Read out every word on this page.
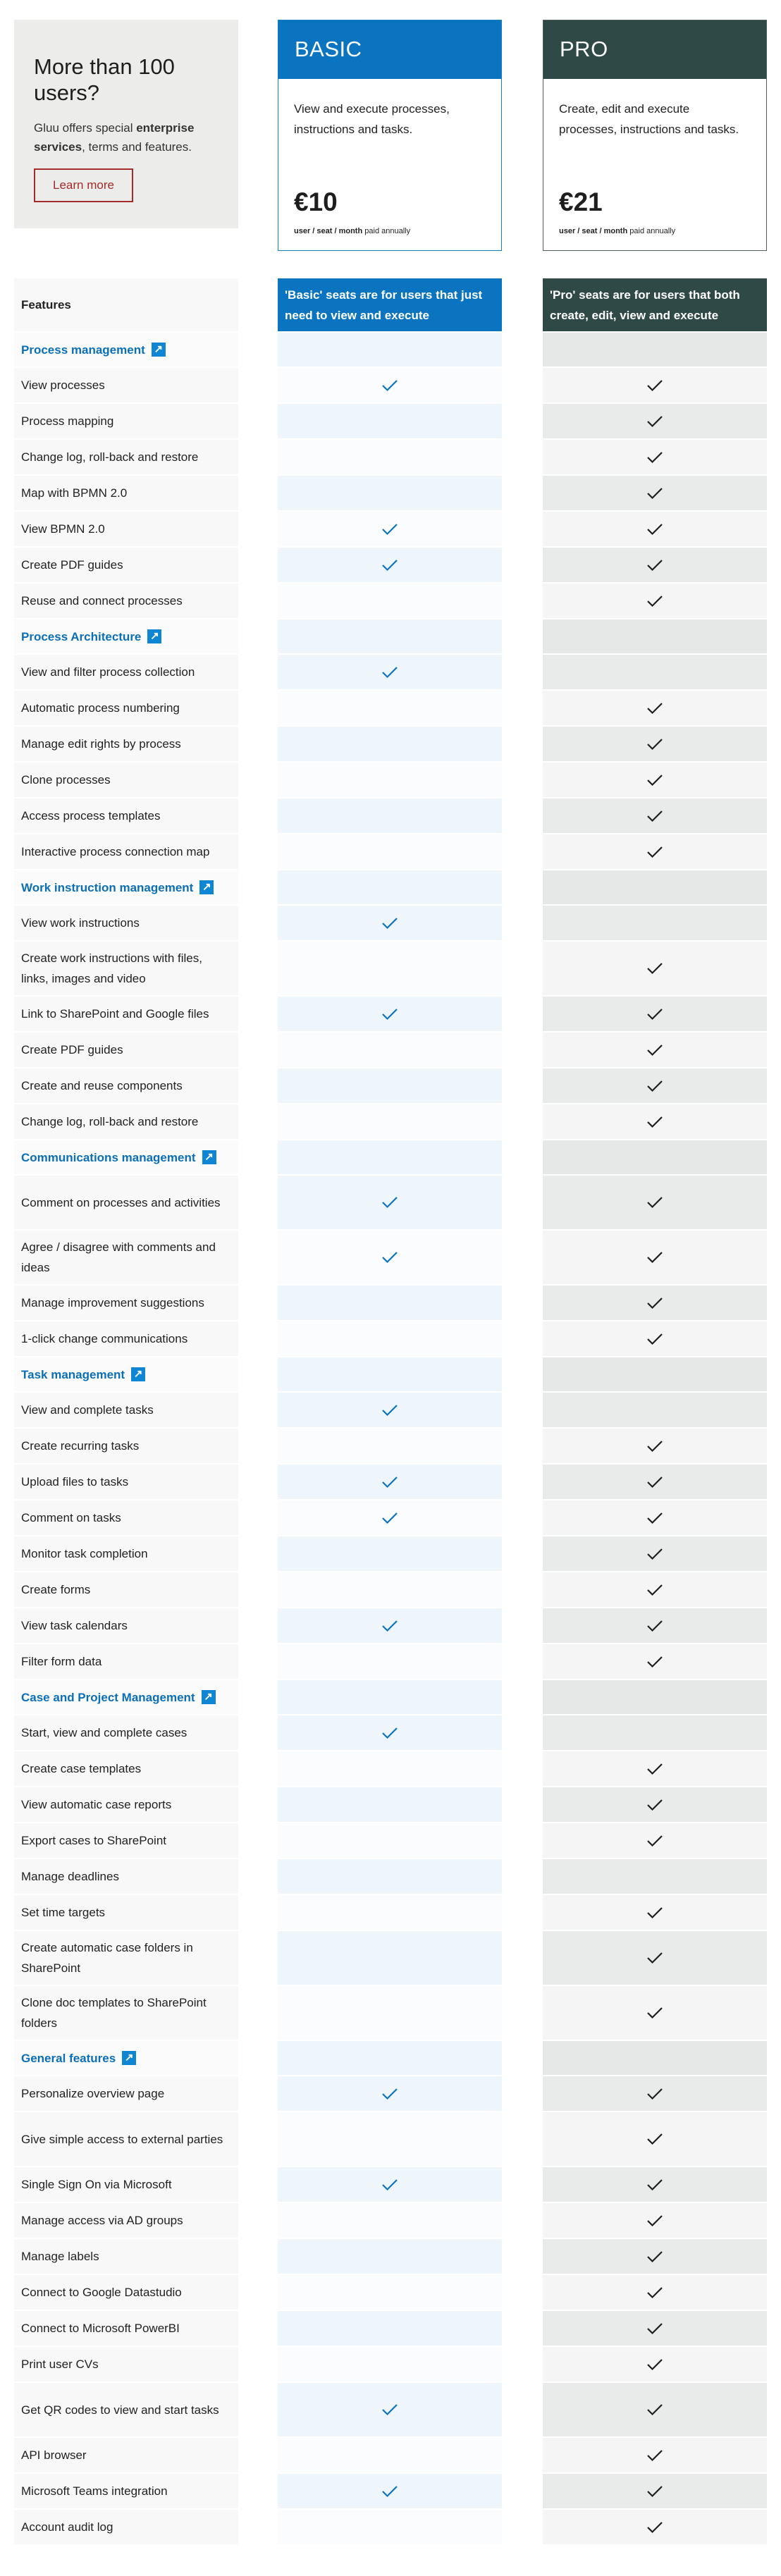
More than 100 users?

Gluu offers special enterprise services, terms and features.

Learn more
BASIC
View and execute processes, instructions and tasks.
€10
user / seat / month paid annually
PRO
Create, edit and execute processes, instructions and tasks.
€21
user / seat / month paid annually
Features
'Basic' seats are for users that just need to view and execute
'Pro' seats are for users that both create, edit, view and execute
Process management ↗
View processes
Process mapping
Change log, roll-back and restore
Map with BPMN 2.0
View BPMN 2.0
Create PDF guides
Reuse and connect processes
Process Architecture ↗
View and filter process collection
Automatic process numbering
Manage edit rights by process
Clone processes
Access process templates
Interactive process connection map
Work instruction management ↗
View work instructions
Create work instructions with files, links, images and video
Link to SharePoint and Google files
Create PDF guides
Create and reuse components
Change log, roll-back and restore
Communications management ↗
Comment on processes and activities
Agree / disagree with comments and ideas
Manage improvement suggestions
1-click change communications
Task management ↗
View and complete tasks
Create recurring tasks
Upload files to tasks
Comment on tasks
Monitor task completion
Create forms
View task calendars
Filter form data
Case and Project Management ↗
Start, view and complete cases
Create case templates
View automatic case reports
Export cases to SharePoint
Manage deadlines
Set time targets
Create automatic case folders in SharePoint
Clone doc templates to SharePoint folders
General features ↗
Personalize overview page
Give simple access to external parties
Single Sign On via Microsoft
Manage access via AD groups
Manage labels
Connect to Google Datastudio
Connect to Microsoft PowerBI
Print user CVs
Get QR codes to view and start tasks
API browser
Microsoft Teams integration
Account audit log
